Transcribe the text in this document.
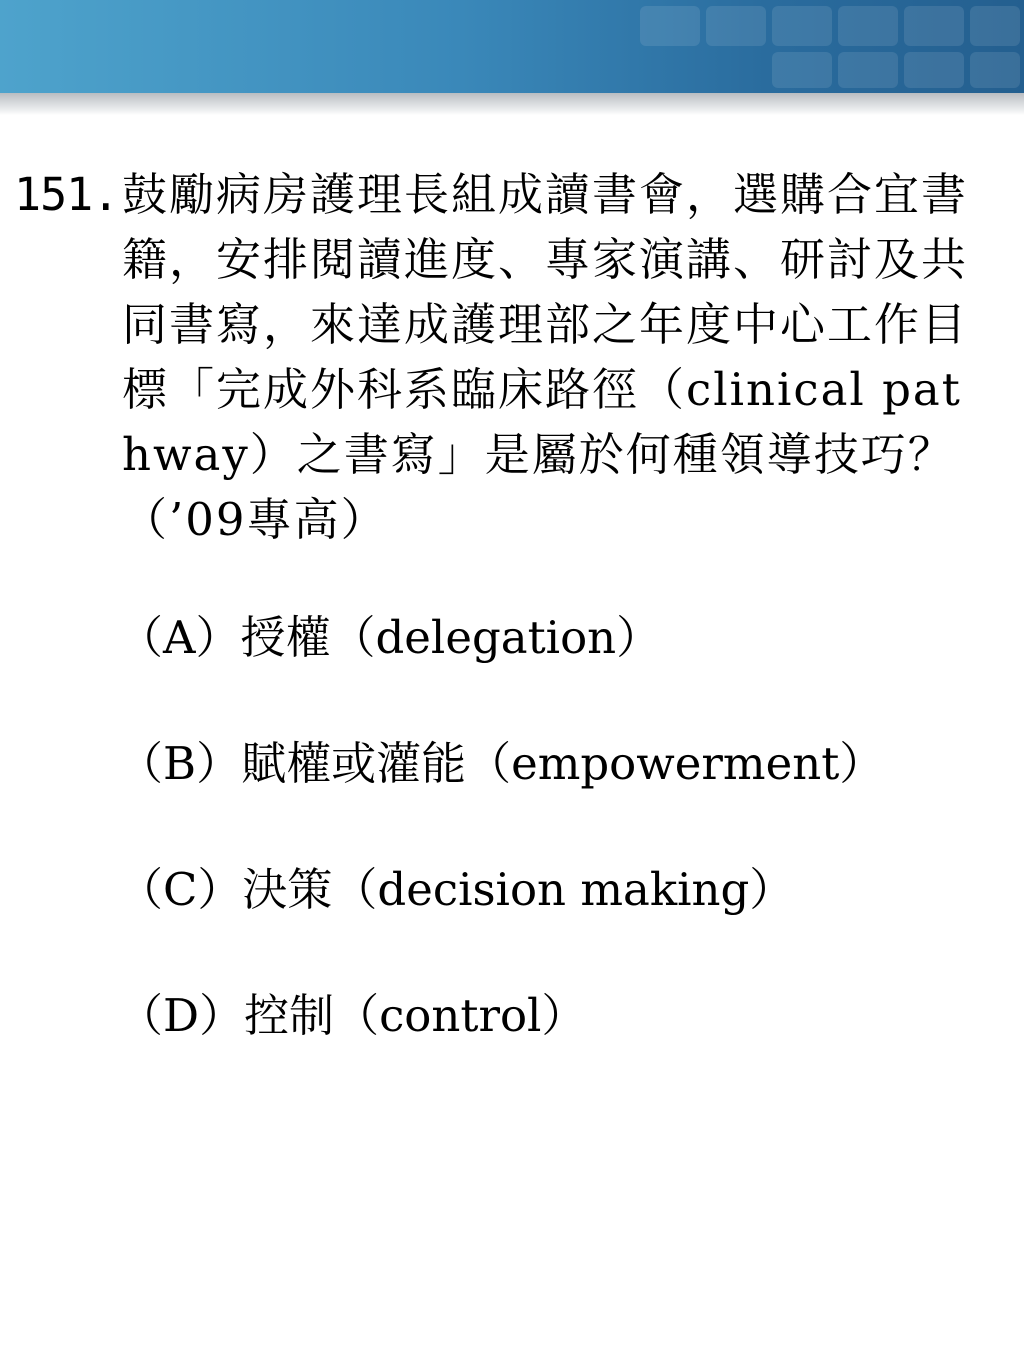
151. 鼓勵病房護理長組成讀書會，選購合宜書籍，安排閱讀進度、專家演講、研討及共同書寫，來達成護理部之年度中心工作目標「完成外科系臨床路徑（clinical pathway）之書寫」是屬於何種領導技巧？（’09專高）
（A）授權（delegation）
（B）賦權或灌能（empowerment）
（C）決策（decision making）
（D）控制（control）
